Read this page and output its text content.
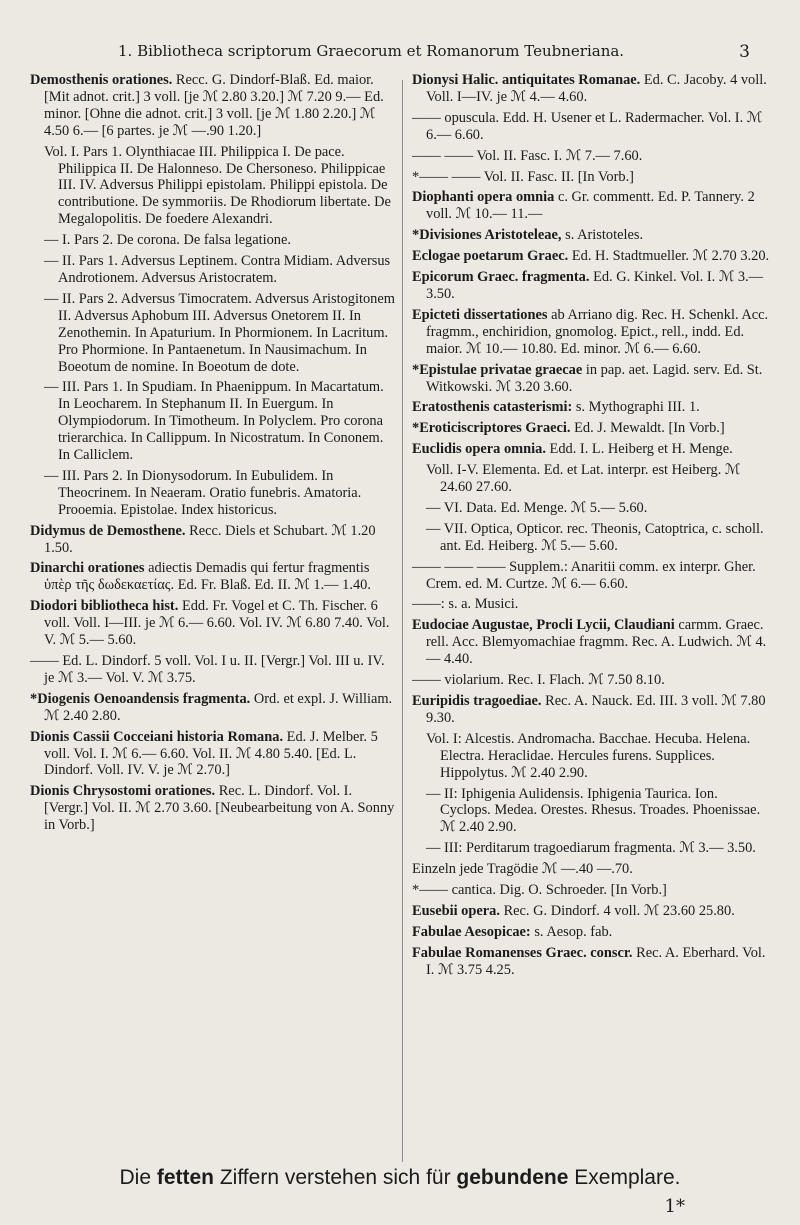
1. Bibliotheca scriptorum Graecorum et Romanorum Teubneriana.	3

Demosthenis orationes. Recc. G. Dindorf-Blaß. Ed. maior. [Mit adnot. crit.] 3 voll. [je ℳ 2.80 3.20.] ℳ 7.20 9.— Ed. minor. [Ohne die adnot. crit.] 3 voll. [je ℳ 1.80 2.20.] ℳ 4.50 6.— [6 partes. je ℳ —.90 1.20.]

Vol. I. Pars 1. Olynthiacae III. Philippica I. De pace. Philippica II. De Halonneso. De Chersoneso. Philippicae III. IV. Adversus Philippi epistolam. Philippi epistola. De contributione. De symmoriis. De Rhodiorum libertate. De Megalopolitis. De foedere Alexandri.

— I. Pars 2. De corona. De falsa legatione.

— II. Pars 1. Adversus Leptinem. Contra Midiam. Adversus Androtionem. Adversus Aristocratem.

— II. Pars 2. Adversus Timocratem. Adversus Aristogitonem II. Adversus Aphobum III. Adversus Onetorem II. In Zenothemin. In Apaturium. In Phormionem. In Lacritum. Pro Phormione. In Pantaenetum. In Nausimachum. In Boeotum de nomine. In Boeotum de dote.

— III. Pars 1. In Spudiam. In Phaenippum. In Macartatum. In Leocharem. In Stephanum II. In Euergum. In Olympiodorum. In Timotheum. In Polyclem. Pro corona trierarchica. In Callippum. In Nicostratum. In Cononem. In Calliclem.

— III. Pars 2. In Dionysodorum. In Eubulidem. In Theocrinem. In Neaeram. Oratio funebris. Amatoria. Prooemia. Epistolae. Index historicus.

Didymus de Demosthene. Recc. Diels et Schubart. ℳ 1.20 1.50.

Dinarchi orationes adiectis Demadis qui fertur fragmentis ὑπὲρ τῆς δωδεκαετίας. Ed. Fr. Blaß. Ed. II. ℳ 1.— 1.40.

Diodori bibliotheca hist. Edd. Fr. Vogel et C. Th. Fischer. 6 voll. Voll. I—III. je ℳ 6.— 6.60. Vol. IV. ℳ 6.80 7.40. Vol. V. ℳ 5.— 5.60.

—— Ed. L. Dindorf. 5 voll. Vol. I u. II. [Vergr.] Vol. III u. IV. je ℳ 3.— Vol. V. ℳ 3.75.

*Diogenis Oenoandensis fragmenta. Ord. et expl. J. William. ℳ 2.40 2.80.

Dionis Cassii Cocceiani historia Romana. Ed. J. Melber. 5 voll. Vol. I. ℳ 6.— 6.60. Vol. II. ℳ 4.80 5.40. [Ed. L. Dindorf. Voll. IV. V. je ℳ 2.70.]

Dionis Chrysostomi orationes. Rec. L. Dindorf. Vol. I. [Vergr.] Vol. II. ℳ 2.70 3.60. [Neubearbeitung von A. Sonny in Vorb.]

Dionysi Halic. antiquitates Romanae. Ed. C. Jacoby. 4 voll. Voll. I—IV. je ℳ 4.— 4.60.

—— opuscula. Edd. H. Usener et L. Radermacher. Vol. I. ℳ 6.— 6.60.

—— —— Vol. II. Fasc. I. ℳ 7.— 7.60.

*—— —— Vol. II. Fasc. II. [In Vorb.]

Diophanti opera omnia c. Gr. commentt. Ed. P. Tannery. 2 voll. ℳ 10.— 11.—

*Divisiones Aristoteleae, s. Aristoteles.

Eclogae poetarum Graec. Ed. H. Stadtmueller. ℳ 2.70 3.20.

Epicorum Graec. fragmenta. Ed. G. Kinkel. Vol. I. ℳ 3.— 3.50.

Epicteti dissertationes ab Arriano dig. Rec. H. Schenkl. Acc. fragmm., enchiridion, gnomolog. Epict., rell., indd. Ed. maior. ℳ 10.— 10.80. Ed. minor. ℳ 6.— 6.60.

*Epistulae privatae graecae in pap. aet. Lagid. serv. Ed. St. Witkowski. ℳ 3.20 3.60.

Eratosthenis catasterismi: s. Mythographi III. 1.

*Eroticiscriptores Graeci. Ed. J. Mewaldt. [In Vorb.]

Euclidis opera omnia. Edd. I. L. Heiberg et H. Menge.

Voll. I-V. Elementa. Ed. et Lat. interpr. est Heiberg. ℳ 24.60 27.60.

— VI. Data. Ed. Menge. ℳ 5.— 5.60.

— VII. Optica, Opticor. rec. Theonis, Catoptrica, c. scholl. ant. Ed. Heiberg. ℳ 5.— 5.60.

—— —— —— Supplem.: Anaritii comm. ex interpr. Gher. Crem. ed. M. Curtze. ℳ 6.— 6.60.

——: s. a. Musici.

Eudociae Augustae, Procli Lycii, Claudiani carmm. Graec. rell. Acc. Blemyomachiae fragmm. Rec. A. Ludwich. ℳ 4.— 4.40.

—— violarium. Rec. I. Flach. ℳ 7.50 8.10.

Euripidis tragoediae. Rec. A. Nauck. Ed. III. 3 voll. ℳ 7.80 9.30.

Vol. I: Alcestis. Andromacha. Bacchae. Hecuba. Helena. Electra. Heraclidae. Hercules furens. Supplices. Hippolytus. ℳ 2.40 2.90.

— II: Iphigenia Aulidensis. Iphigenia Taurica. Ion. Cyclops. Medea. Orestes. Rhesus. Troades. Phoenissae. ℳ 2.40 2.90.

— III: Perditarum tragoediarum fragmenta. ℳ 3.— 3.50.

Einzeln jede Tragödie ℳ —.40 —.70.

*—— cantica. Dig. O. Schroeder. [In Vorb.]

Eusebii opera. Rec. G. Dindorf. 4 voll. ℳ 23.60 25.80.

Fabulae Aesopicae: s. Aesop. fab.

Fabulae Romanenses Graec. conscr. Rec. A. Eberhard. Vol. I. ℳ 3.75 4.25.

Die fetten Ziffern verstehen sich für gebundene Exemplare.
1*
